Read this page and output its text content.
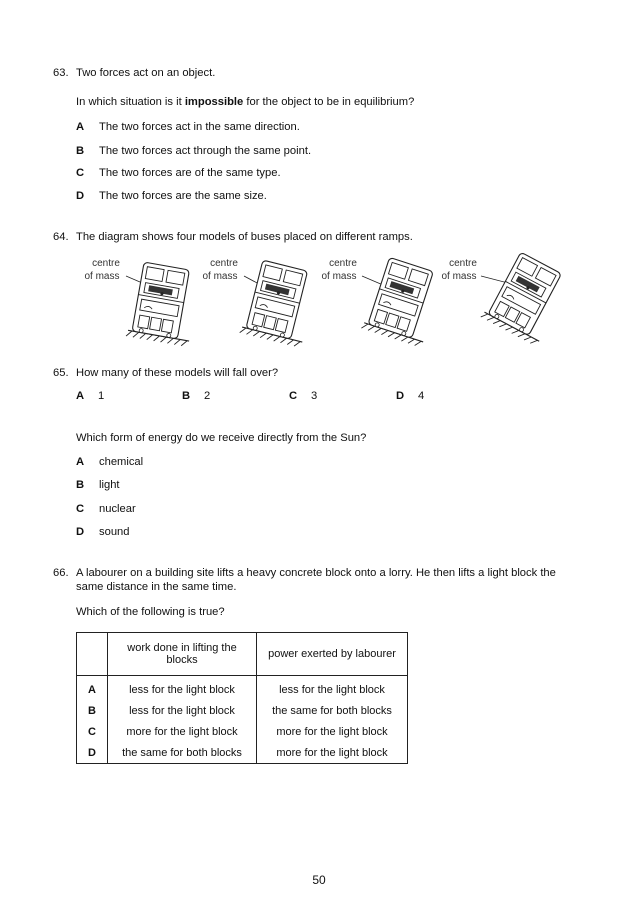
63. Two forces act on an object.
In which situation is it impossible for the object to be in equilibrium?
A The two forces act in the same direction.
B The two forces act through the same point.
C The two forces are of the same type.
D The two forces are the same size.
64. The diagram shows four models of buses placed on different ramps.
centre
of mass
centre
of mass
centre
of mass
centre
of mass
65. How many of these models will fall over?
A 1	B 2	C 3	D 4
Which form of energy do we receive directly from the Sun?
A chemical
B light
C nuclear
D sound
66. A labourer on a building site lifts a heavy concrete block onto a lorry. He then lifts a light block the
same distance in the same time.
Which of the following is true?
	work done in lifting the
blocks	power exerted by labourer
A	less for the light block	less for the light block
B	less for the light block	the same for both blocks
C	more for the light block	more for the light block
D	the same for both blocks	more for the light block
50
